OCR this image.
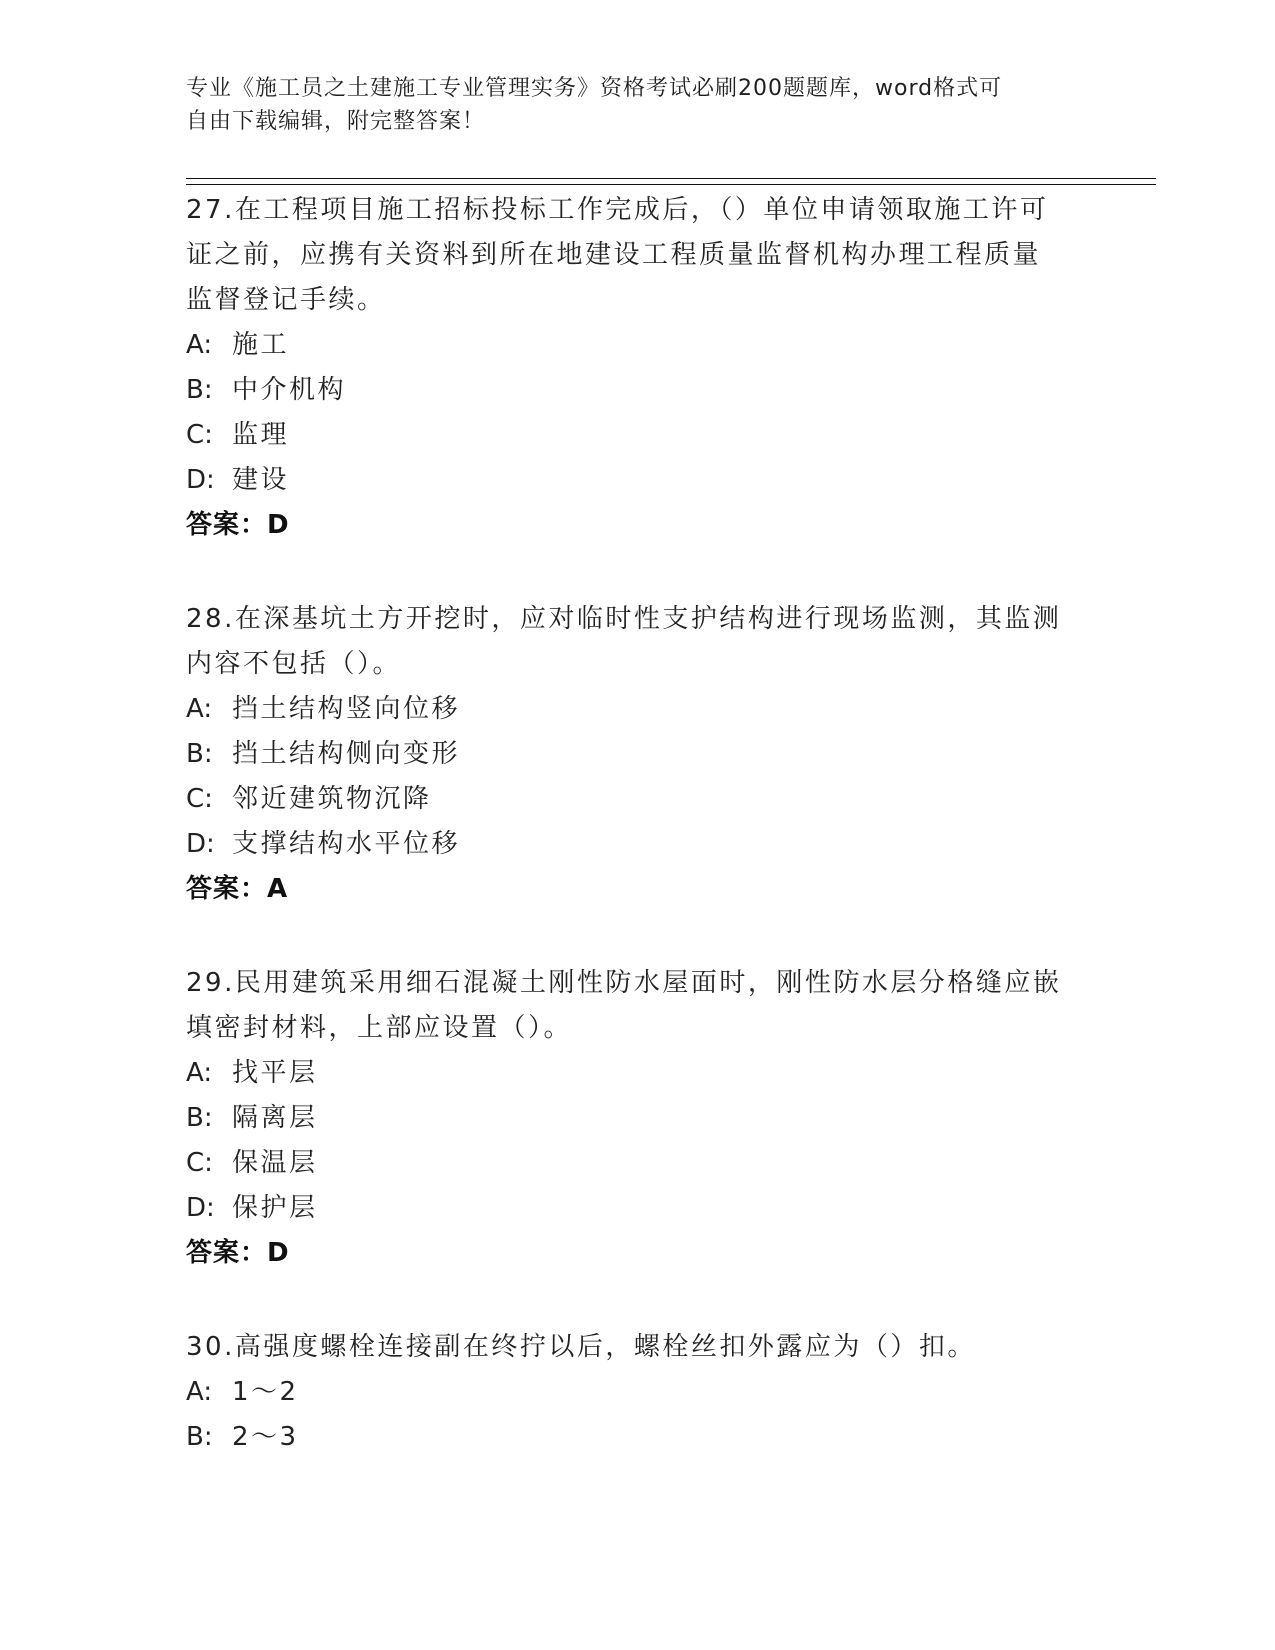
专业《施工员之土建施工专业管理实务》资格考试必刷200题题库，word格式可
自由下载编辑，附完整答案！

27.在工程项目施工招标投标工作完成后，（）单位申请领取施工许可

证之前，应携有关资料到所在地建设工程质量监督机构办理工程质量

监督登记手续。

A: 施工

B: 中介机构

C: 监理

D: 建设

答案：D

28.在深基坑土方开挖时，应对临时性支护结构进行现场监测，其监测

内容不包括（）。

A: 挡土结构竖向位移

B: 挡土结构侧向变形

C: 邻近建筑物沉降

D: 支撑结构水平位移

答案：A

29.民用建筑采用细石混凝土刚性防水屋面时，刚性防水层分格缝应嵌

填密封材料，上部应设置（）。

A: 找平层

B: 隔离层

C: 保温层

D: 保护层

答案：D

30.高强度螺栓连接副在终拧以后，螺栓丝扣外露应为（）扣。

A: 1～2

B: 2～3
